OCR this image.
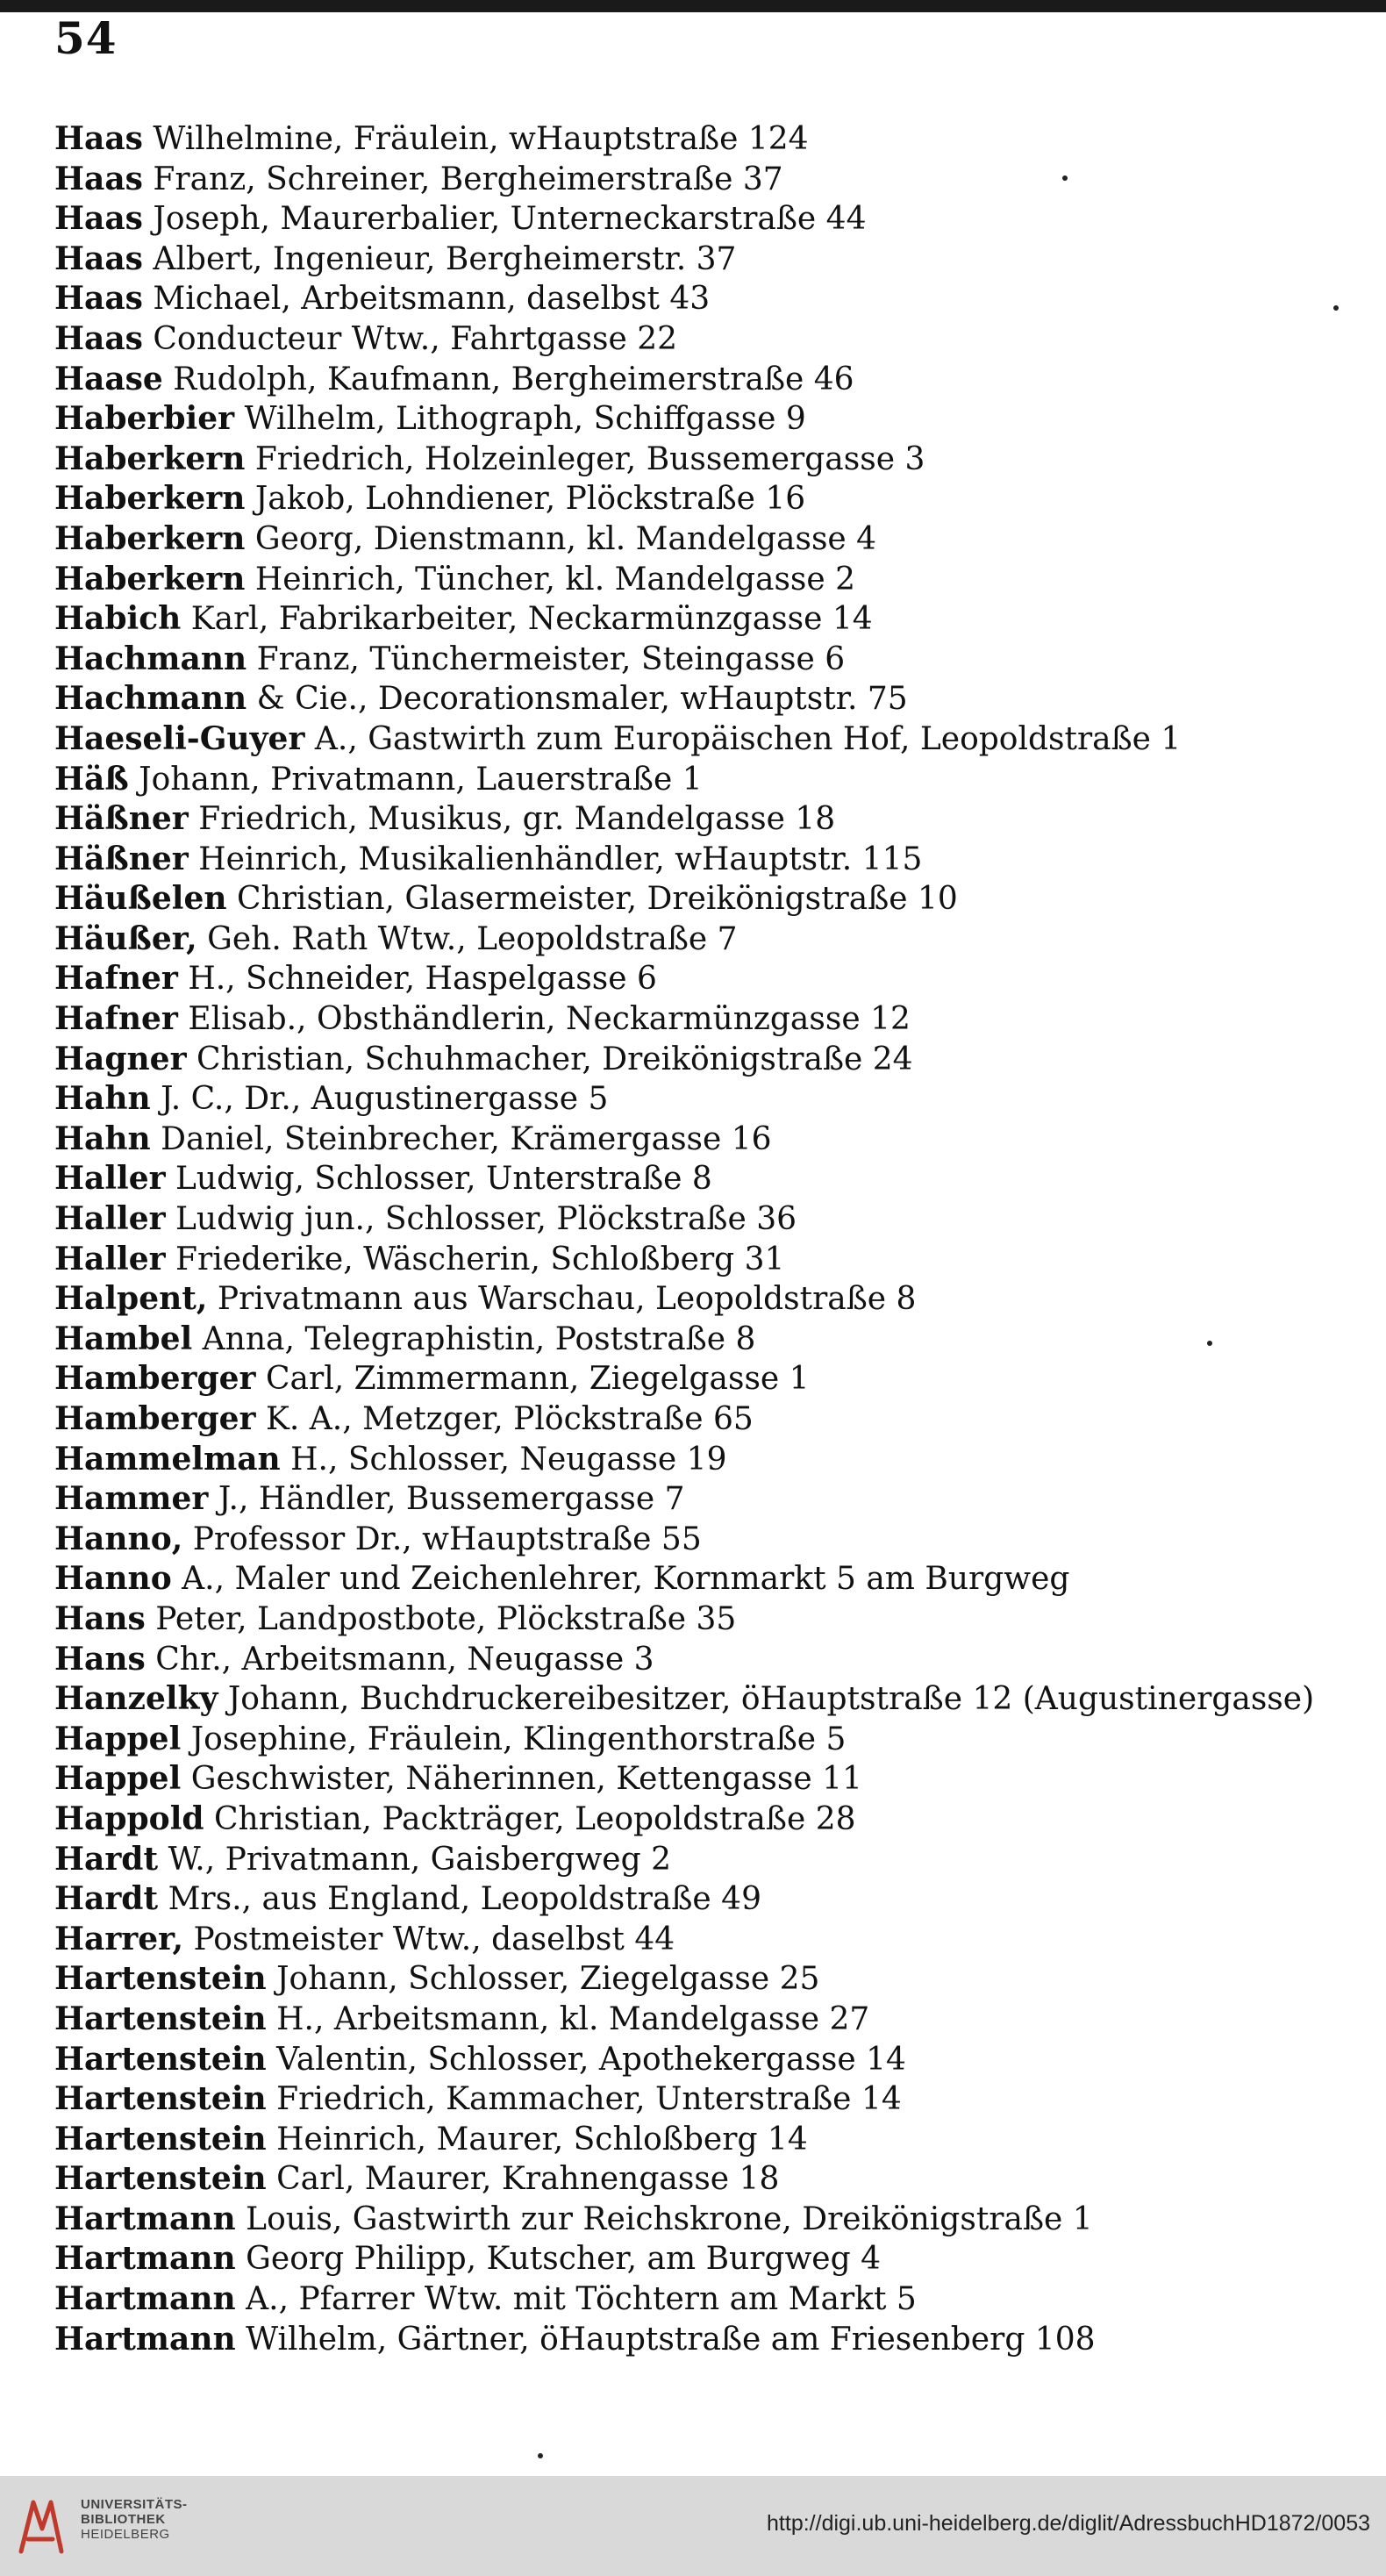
54
Haas Wilhelmine, Fräulein, wHauptstraße 124
Haas Franz, Schreiner, Bergheimerstraße 37
Haas Joseph, Maurerbalier, Unterneckarstraße 44
Haas Albert, Ingenieur, Bergheimerstr. 37
Haas Michael, Arbeitsmann, daselbst 43
Haas Conducteur Wtw., Fahrtgasse 22
Haase Rudolph, Kaufmann, Bergheimerstraße 46
Haberbier Wilhelm, Lithograph, Schiffgasse 9
Haberkern Friedrich, Holzeinleger, Bussemergasse 3
Haberkern Jakob, Lohndiener, Plöckstraße 16
Haberkern Georg, Dienstmann, kl. Mandelgasse 4
Haberkern Heinrich, Tüncher, kl. Mandelgasse 2
Habich Karl, Fabrikarbeiter, Neckarmünzgasse 14
Hachmann Franz, Tünchermeister, Steingasse 6
Hachmann & Cie., Decorationsmaler, wHauptstr. 75
Haeseli-Guyer A., Gastwirth zum Europäischen Hof, Leopoldstraße 1
Häß Johann, Privatmann, Lauerstraße 1
Häßner Friedrich, Musikus, gr. Mandelgasse 18
Häßner Heinrich, Musikalienhändler, wHauptstr. 115
Häußelen Christian, Glasermeister, Dreikönigstraße 10
Häußer, Geh. Rath Wtw., Leopoldstraße 7
Hafner H., Schneider, Haspelgasse 6
Hafner Elisab., Obsthändlerin, Neckarmünzgasse 12
Hagner Christian, Schuhmacher, Dreikönigstraße 24
Hahn J. C., Dr., Augustinergasse 5
Hahn Daniel, Steinbrecher, Krämergasse 16
Haller Ludwig, Schlosser, Unterstraße 8
Haller Ludwig jun., Schlosser, Plöckstraße 36
Haller Friederike, Wäscherin, Schloßberg 31
Halpent, Privatmann aus Warschau, Leopoldstraße 8
Hambel Anna, Telegraphistin, Poststraße 8
Hamberger Carl, Zimmermann, Ziegelgasse 1
Hamberger K. A., Metzger, Plöckstraße 65
Hammelman H., Schlosser, Neugasse 19
Hammer J., Händler, Bussemergasse 7
Hanno, Professor Dr., wHauptstraße 55
Hanno A., Maler und Zeichenlehrer, Kornmarkt 5 am Burgweg
Hans Peter, Landpostbote, Plöckstraße 35
Hans Chr., Arbeitsmann, Neugasse 3
Hanzelky Johann, Buchdruckereibesitzer, öHauptstraße 12 (Augustinergasse)
Happel Josephine, Fräulein, Klingenthorstraße 5
Happel Geschwister, Näherinnen, Kettengasse 11
Happold Christian, Packträger, Leopoldstraße 28
Hardt W., Privatmann, Gaisbergweg 2
Hardt Mrs., aus England, Leopoldstraße 49
Harrer, Postmeister Wtw., daselbst 44
Hartenstein Johann, Schlosser, Ziegelgasse 25
Hartenstein H., Arbeitsmann, kl. Mandelgasse 27
Hartenstein Valentin, Schlosser, Apothekergasse 14
Hartenstein Friedrich, Kammacher, Unterstraße 14
Hartenstein Heinrich, Maurer, Schloßberg 14
Hartenstein Carl, Maurer, Krahnengasse 18
Hartmann Louis, Gastwirth zur Reichskrone, Dreikönigstraße 1
Hartmann Georg Philipp, Kutscher, am Burgweg 4
Hartmann A., Pfarrer Wtw. mit Töchtern am Markt 5
Hartmann Wilhelm, Gärtner, öHauptstraße am Friesenberg 108
UNIVERSITÄTS-
BIBLIOTHEK
HEIDELBERG	http://digi.ub.uni-heidelberg.de/diglit/AdressbuchHD1872/0053
